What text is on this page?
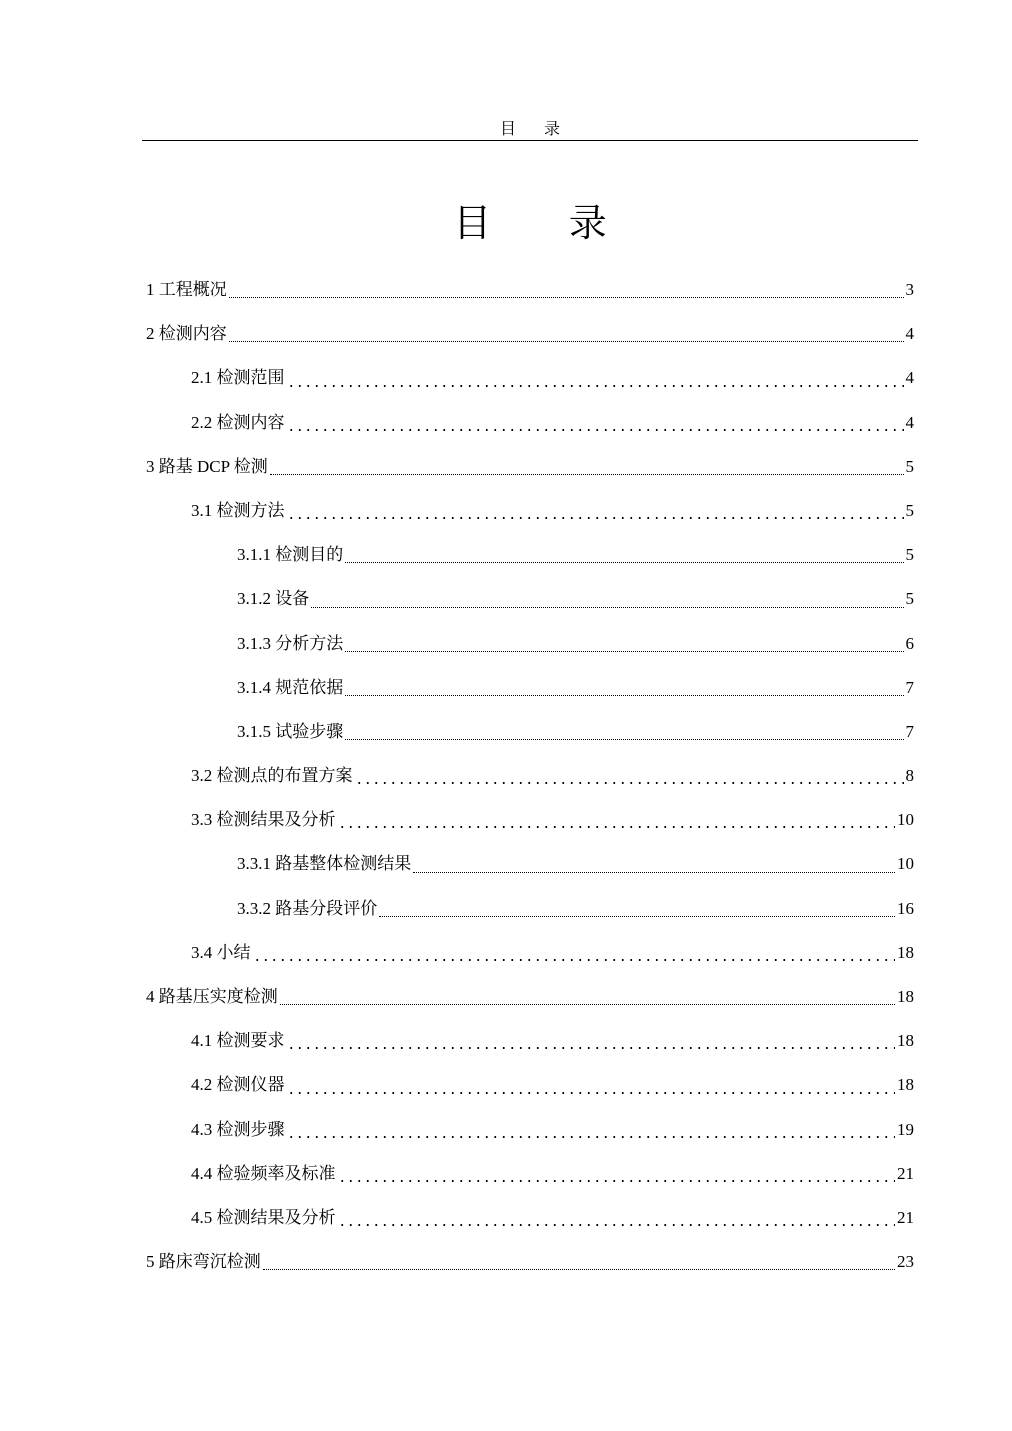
目 录
目 录
1 工程概况	3
2 检测内容	4
2.1 检测范围	4
2.2 检测内容	4
3 路基 DCP 检测	5
3.1 检测方法	5
3.1.1 检测目的	5
3.1.2 设备	5
3.1.3 分析方法	6
3.1.4 规范依据	7
3.1.5 试验步骤	7
3.2 检测点的布置方案	8
3.3 检测结果及分析	10
3.3.1 路基整体检测结果	10
3.3.2 路基分段评价	16
3.4 小结	18
4 路基压实度检测	18
4.1 检测要求	18
4.2 检测仪器	18
4.3 检测步骤	19
4.4 检验频率及标准	21
4.5 检测结果及分析	21
5 路床弯沉检测	23
